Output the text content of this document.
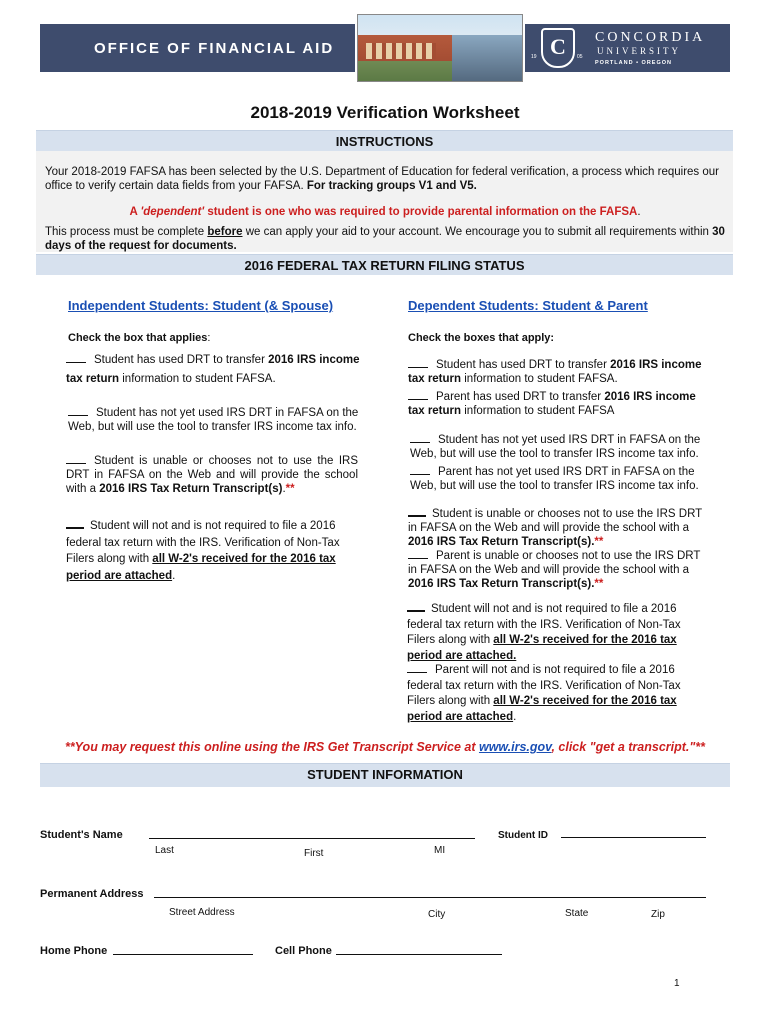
OFFICE OF FINANCIAL AID	C
19	05
CONCORDIA
UNIVERSITY
PORTLAND • OREGON
2018-2019 Verification Worksheet
INSTRUCTIONS
Your 2018-2019 FAFSA has been selected by the U.S. Department of Education for federal verification, a process which requires our office to verify certain data fields from your FAFSA. For tracking groups V1 and V5.
A 'dependent' student is one who was required to provide parental information on the FAFSA.
This process must be complete before we can apply your aid to your account. We encourage you to submit all requirements within 30 days of the request for documents.
2016 FEDERAL TAX RETURN FILING STATUS
Independent Students: Student (& Spouse)
Check the box that applies:
Student has used DRT to transfer 2016 IRS income tax return information to student FAFSA.
Student has not yet used IRS DRT in FAFSA on the Web, but will use the tool to transfer IRS income tax info.
Student is unable or chooses not to use the IRS DRT in FAFSA on the Web and will provide the school with a 2016 IRS Tax Return Transcript(s).**
Student will not and is not required to file a 2016 federal tax return with the IRS. Verification of Non-Tax Filers along with all W-2's received for the 2016 tax period are attached.
Dependent Students: Student & Parent
Check the boxes that apply:
Student has used DRT to transfer 2016 IRS income tax return information to student FAFSA.
Parent has used DRT to transfer 2016 IRS income tax return information to student FAFSA
Student has not yet used IRS DRT in FAFSA on the Web, but will use the tool to transfer IRS income tax info.
Parent has not yet used IRS DRT in FAFSA on the Web, but will use the tool to transfer IRS income tax info.
Student is unable or chooses not to use the IRS DRT in FAFSA on the Web and will provide the school with a 2016 IRS Tax Return Transcript(s).**
Parent is unable or chooses not to use the IRS DRT in FAFSA on the Web and will provide the school with a 2016 IRS Tax Return Transcript(s).**
Student will not and is not required to file a 2016 federal tax return with the IRS. Verification of Non-Tax Filers along with all W-2's received for the 2016 tax period are attached.
Parent will not and is not required to file a 2016 federal tax return with the IRS. Verification of Non-Tax Filers along with all W-2's received for the 2016 tax period are attached.
**You may request this online using the IRS Get Transcript Service at www.irs.gov, click "get a transcript."**
STUDENT INFORMATION
Student's Name
Last	First	MI
Student ID
Permanent Address
Street Address	City	State	Zip
Home Phone	Cell Phone
1
